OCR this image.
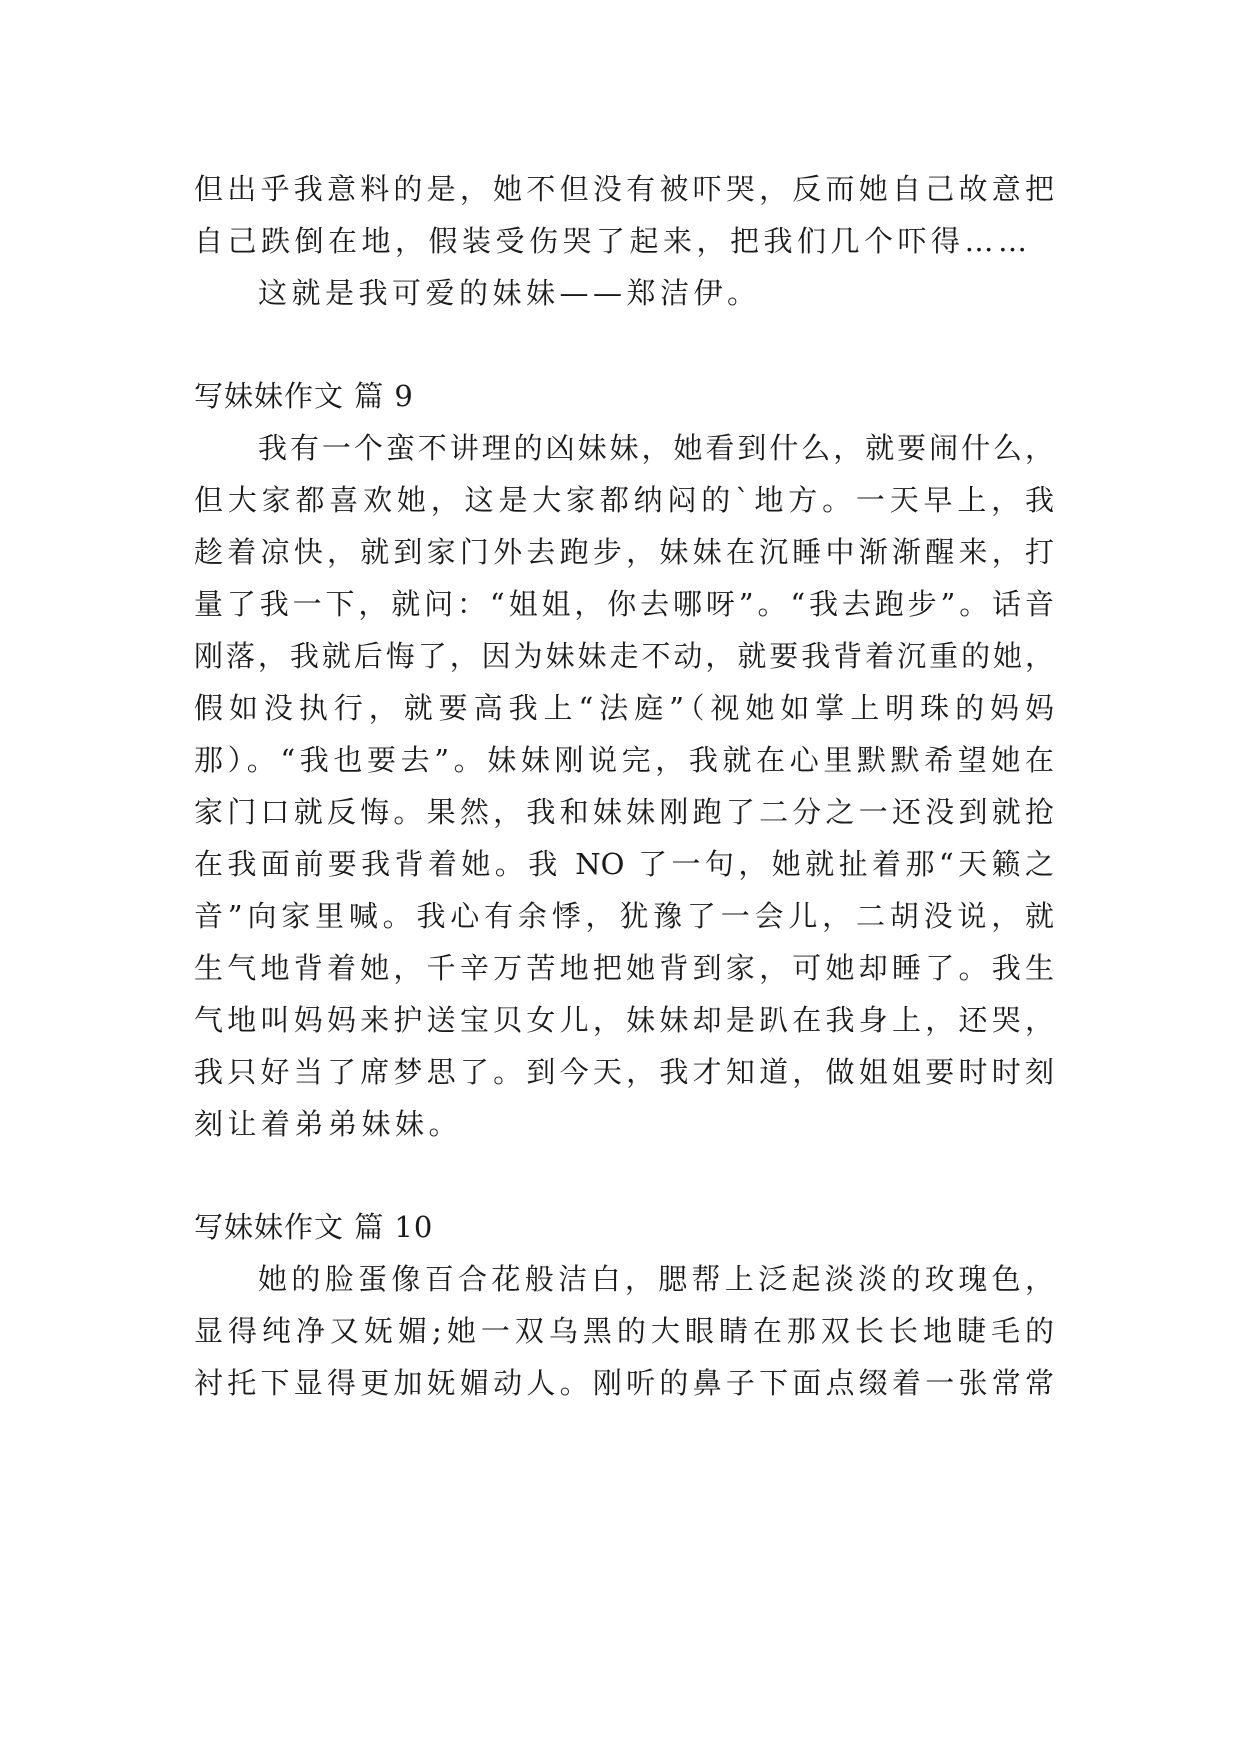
但出乎我意料的是，她不但没有被吓哭，反而她自己故意把
自己跌倒在地，假装受伤哭了起来，把我们几个吓得……
这就是我可爱的妹妹——郑洁伊。
写妹妹作文 篇 9
我有一个蛮不讲理的凶妹妹，她看到什么，就要闹什么，
但大家都喜欢她，这是大家都纳闷的`地方。一天早上，我
趁着凉快，就到家门外去跑步，妹妹在沉睡中渐渐醒来，打
量了我一下，就问：“姐姐，你去哪呀”。“我去跑步”。话音
刚落，我就后悔了，因为妹妹走不动，就要我背着沉重的她，
假如没执行，就要高我上“法庭”（视她如掌上明珠的妈妈
那）。“我也要去”。妹妹刚说完，我就在心里默默希望她在
家门口就反悔。果然，我和妹妹刚跑了二分之一还没到就抢
在我面前要我背着她。我 NO 了一句，她就扯着那“天籁之
音”向家里喊。我心有余悸，犹豫了一会儿，二胡没说，就
生气地背着她，千辛万苦地把她背到家，可她却睡了。我生
气地叫妈妈来护送宝贝女儿，妹妹却是趴在我身上，还哭，
我只好当了席梦思了。到今天，我才知道，做姐姐要时时刻
刻让着弟弟妹妹。
写妹妹作文 篇 10
她的脸蛋像百合花般洁白，腮帮上泛起淡淡的玫瑰色，
显得纯净又妩媚;她一双乌黑的大眼睛在那双长长地睫毛的
衬托下显得更加妩媚动人。刚听的鼻子下面点缀着一张常常
